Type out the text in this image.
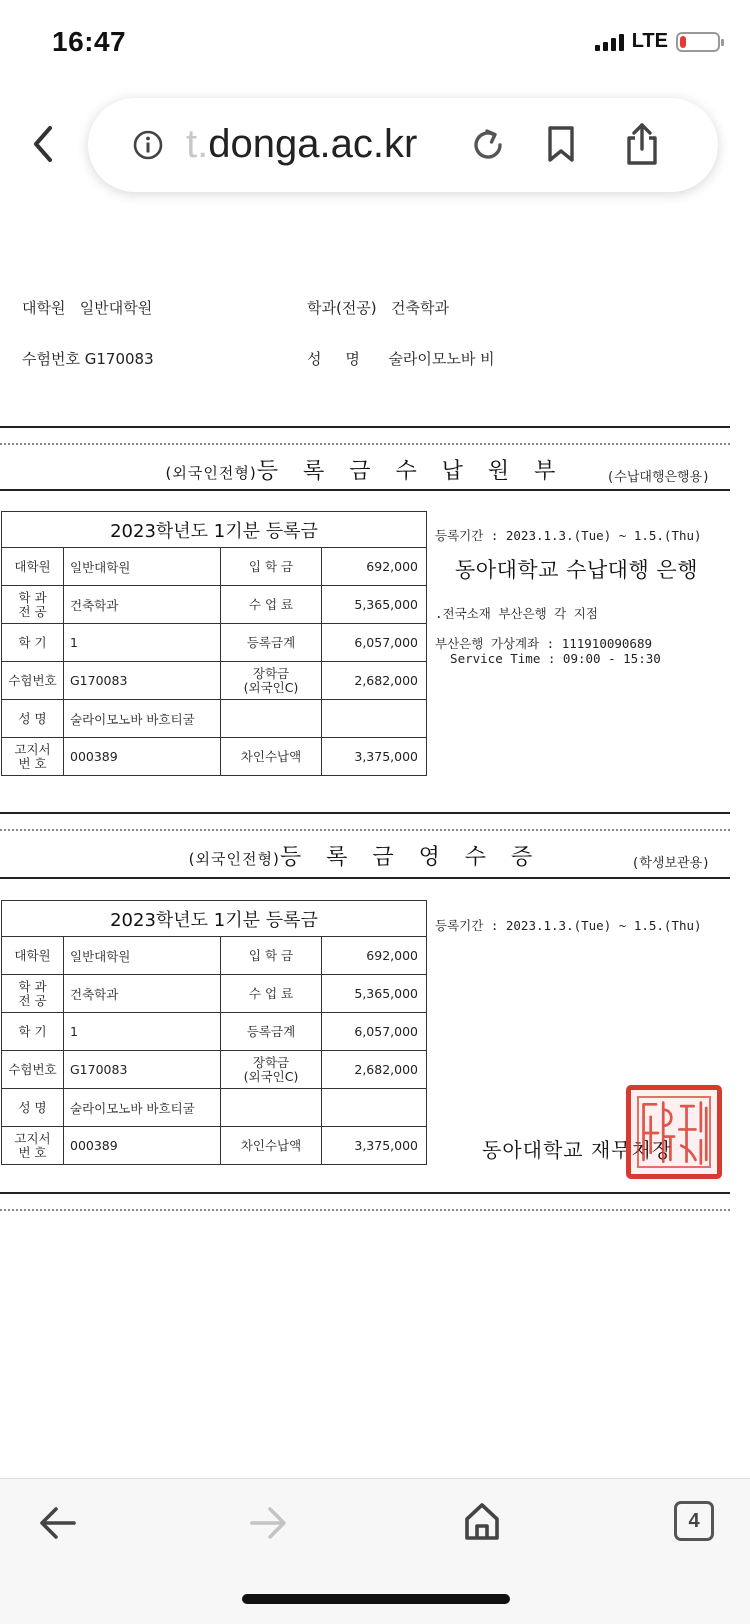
16:47	LTE
t.donga.ac.kr
대학원 일반대학원	학과(전공) 건축학과
수험번호 G170083	성     명 술라이모노바 비
(외국인전형)등 록 금 수 납 원 부	(수납대행은행용)
2023학년도 1기분 등록금			
대학원	일반대학원	입 학 금	692,000
학 과
전 공	건축학과	수 업 료	5,365,000
학 기	1	등록금계	6,057,000
수험번호	G170083	장학금
(외국인C)	2,682,000
성 명	술라이모노바 바흐티굴		
고지서
번 호	000389	차인수납액	3,375,000
등록기간 : 2023.1.3.(Tue) ~ 1.5.(Thu)
동아대학교 수납대행 은행
.전국소재 부산은행 각 지점
부산은행 가상계좌 : 111910090689
Service Time : 09:00 - 15:30
(외국인전형)등 록 금 영 수 증	(학생보관용)
2023학년도 1기분 등록금			
대학원	일반대학원	입 학 금	692,000
학 과
전 공	건축학과	수 업 료	5,365,000
학 기	1	등록금계	6,057,000
수험번호	G170083	장학금
(외국인C)	2,682,000
성 명	술라이모노바 바흐티굴		
고지서
번 호	000389	차인수납액	3,375,000
등록기간 : 2023.1.3.(Tue) ~ 1.5.(Thu)
동아대학교 재무처장
4
